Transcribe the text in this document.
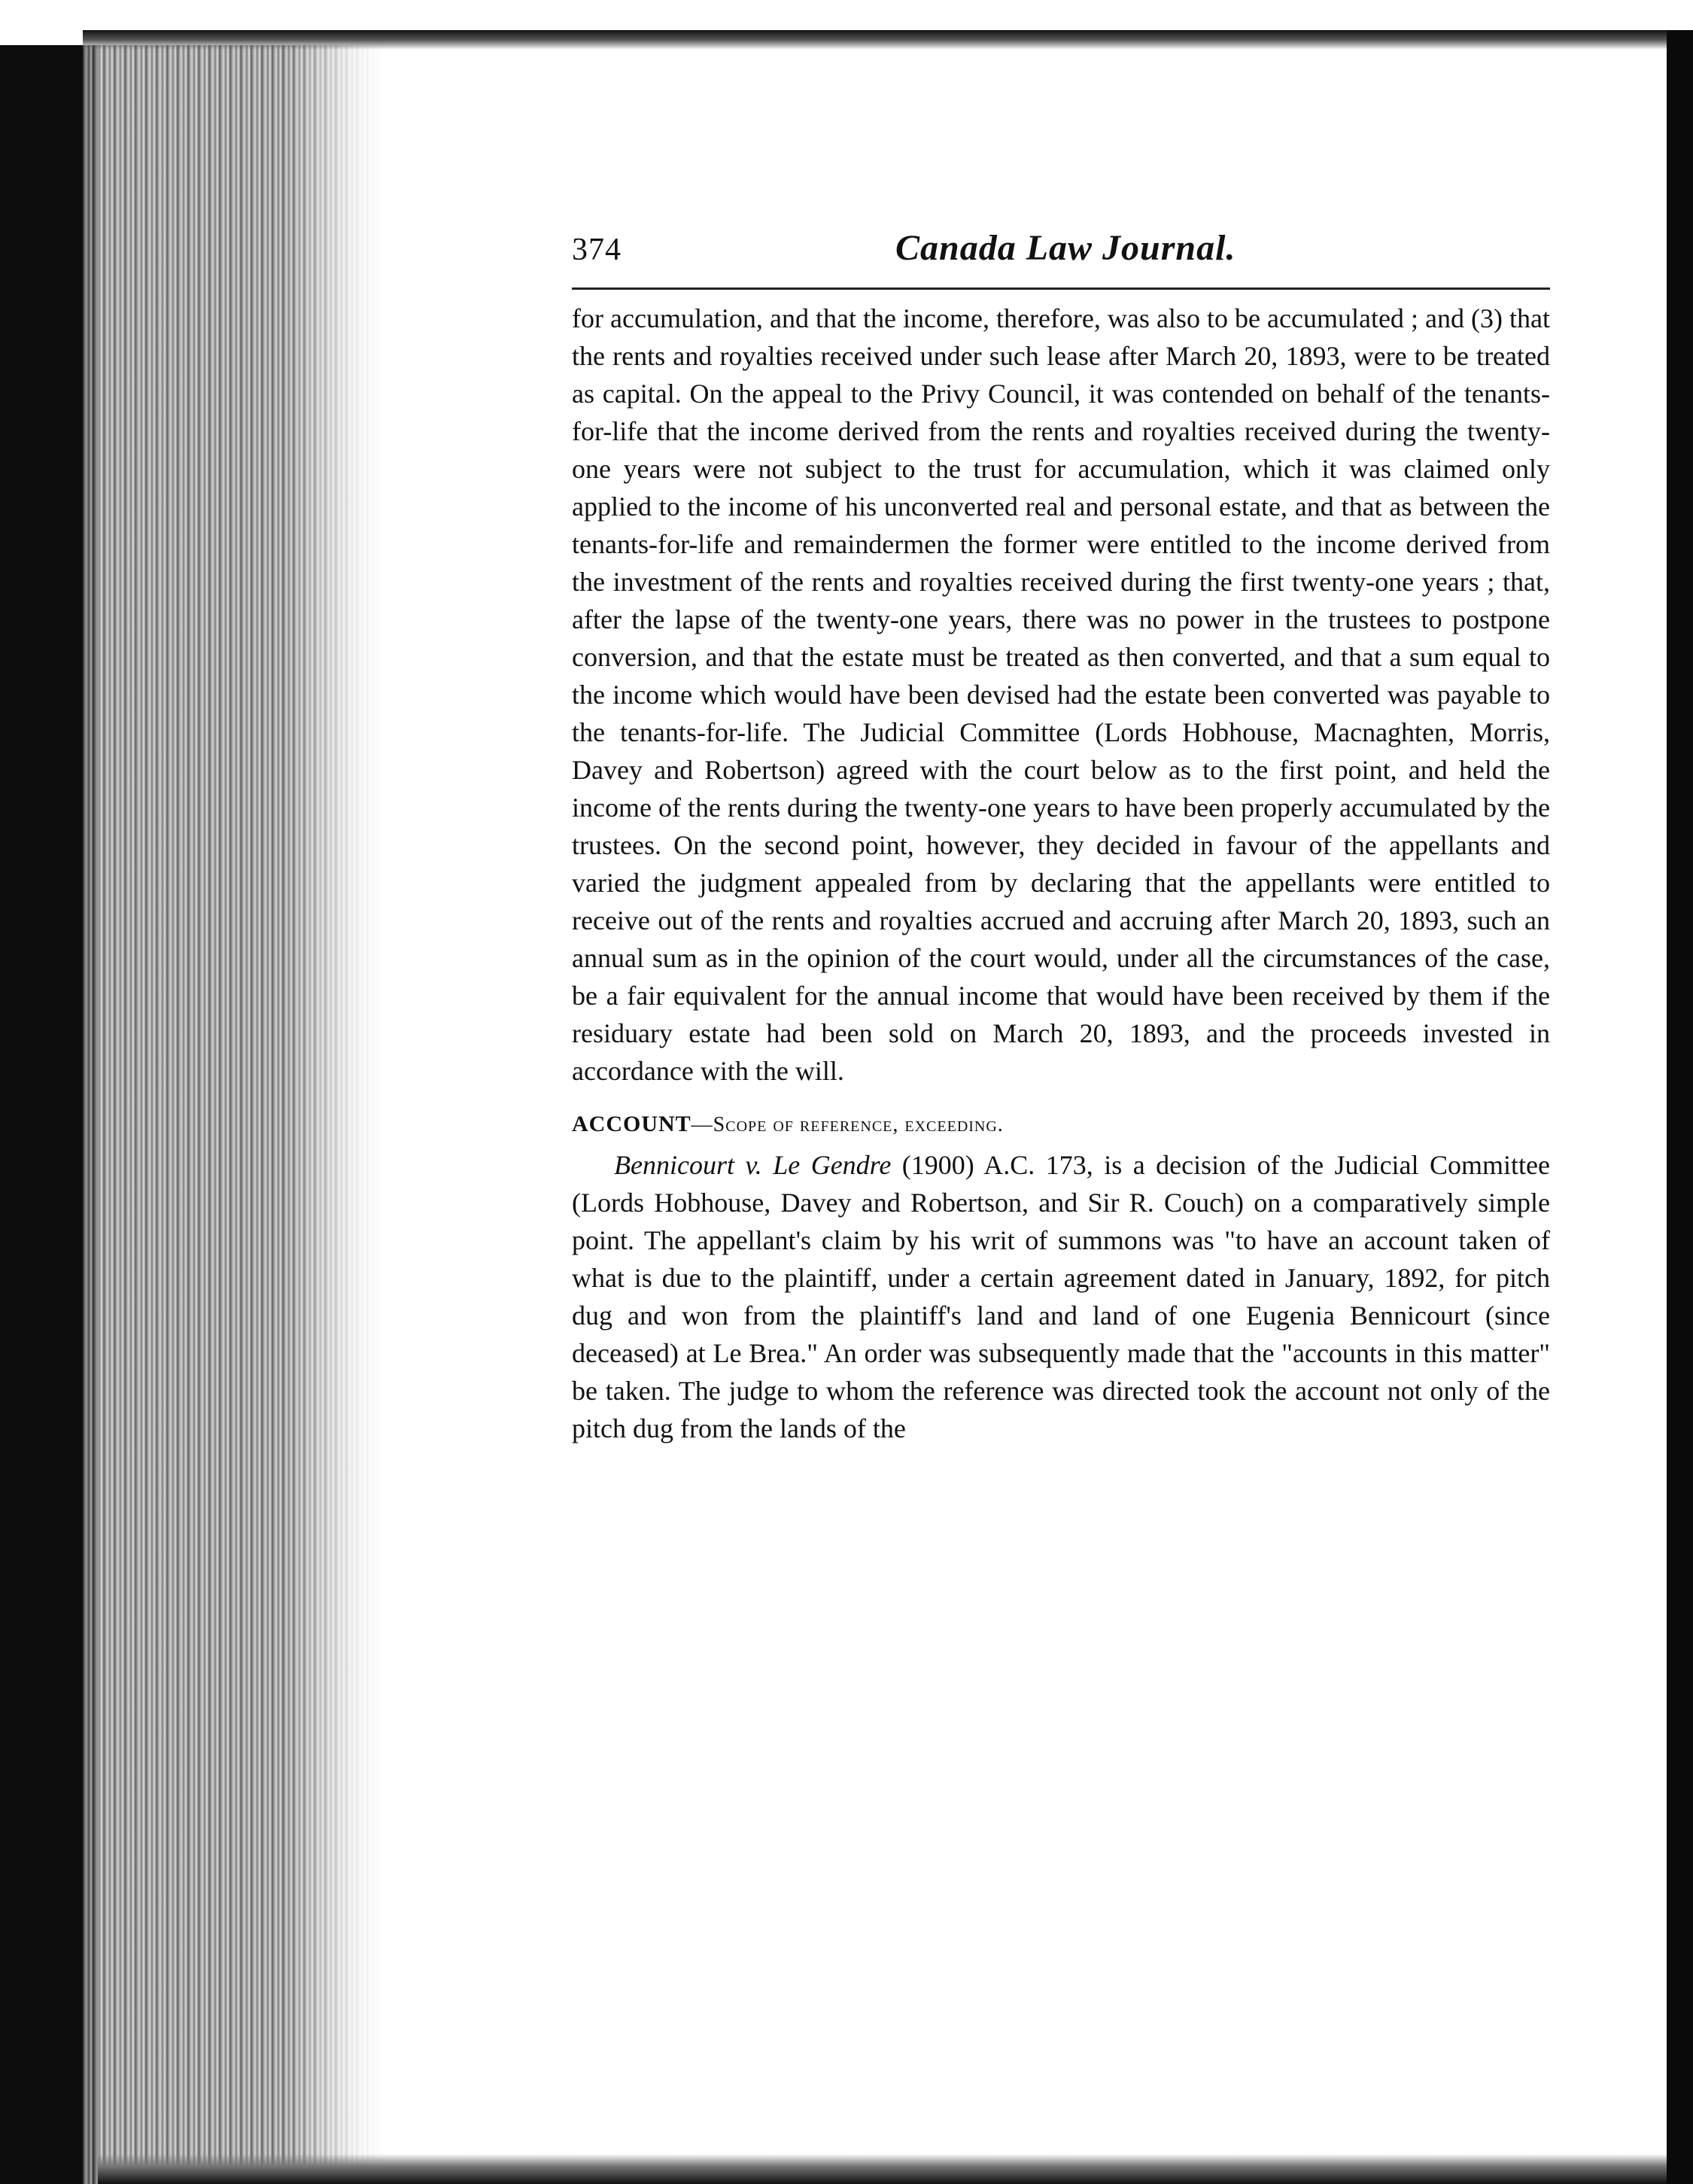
374	Canada Law Journal.

for accumulation, and that the income, therefore, was also to be accumulated ; and (3) that the rents and royalties received under such lease after March 20, 1893, were to be treated as capital. On the appeal to the Privy Council, it was contended on behalf of the tenants-for-life that the income derived from the rents and royalties received during the twenty-one years were not subject to the trust for accumulation, which it was claimed only applied to the income of his unconverted real and personal estate, and that as between the tenants-for-life and remaindermen the former were entitled to the income derived from the investment of the rents and royalties received during the first twenty-one years ; that, after the lapse of the twenty-one years, there was no power in the trustees to postpone conversion, and that the estate must be treated as then converted, and that a sum equal to the income which would have been devised had the estate been converted was payable to the tenants-for-life. The Judicial Committee (Lords Hobhouse, Macnaghten, Morris, Davey and Robertson) agreed with the court below as to the first point, and held the income of the rents during the twenty-one years to have been properly accumulated by the trustees. On the second point, however, they decided in favour of the appellants and varied the judgment appealed from by declaring that the appellants were entitled to receive out of the rents and royalties accrued and accruing after March 20, 1893, such an annual sum as in the opinion of the court would, under all the circumstances of the case, be a fair equivalent for the annual income that would have been received by them if the residuary estate had been sold on March 20, 1893, and the proceeds invested in accordance with the will.

ACCOUNT—Scope of reference, exceeding.

Bennicourt v. Le Gendre (1900) A.C. 173, is a decision of the Judicial Committee (Lords Hobhouse, Davey and Robertson, and Sir R. Couch) on a comparatively simple point. The appellant's claim by his writ of summons was "to have an account taken of what is due to the plaintiff, under a certain agreement dated in January, 1892, for pitch dug and won from the plaintiff's land and land of one Eugenia Bennicourt (since deceased) at Le Brea." An order was subsequently made that the "accounts in this matter" be taken. The judge to whom the reference was directed took the account not only of the pitch dug from the lands of the
